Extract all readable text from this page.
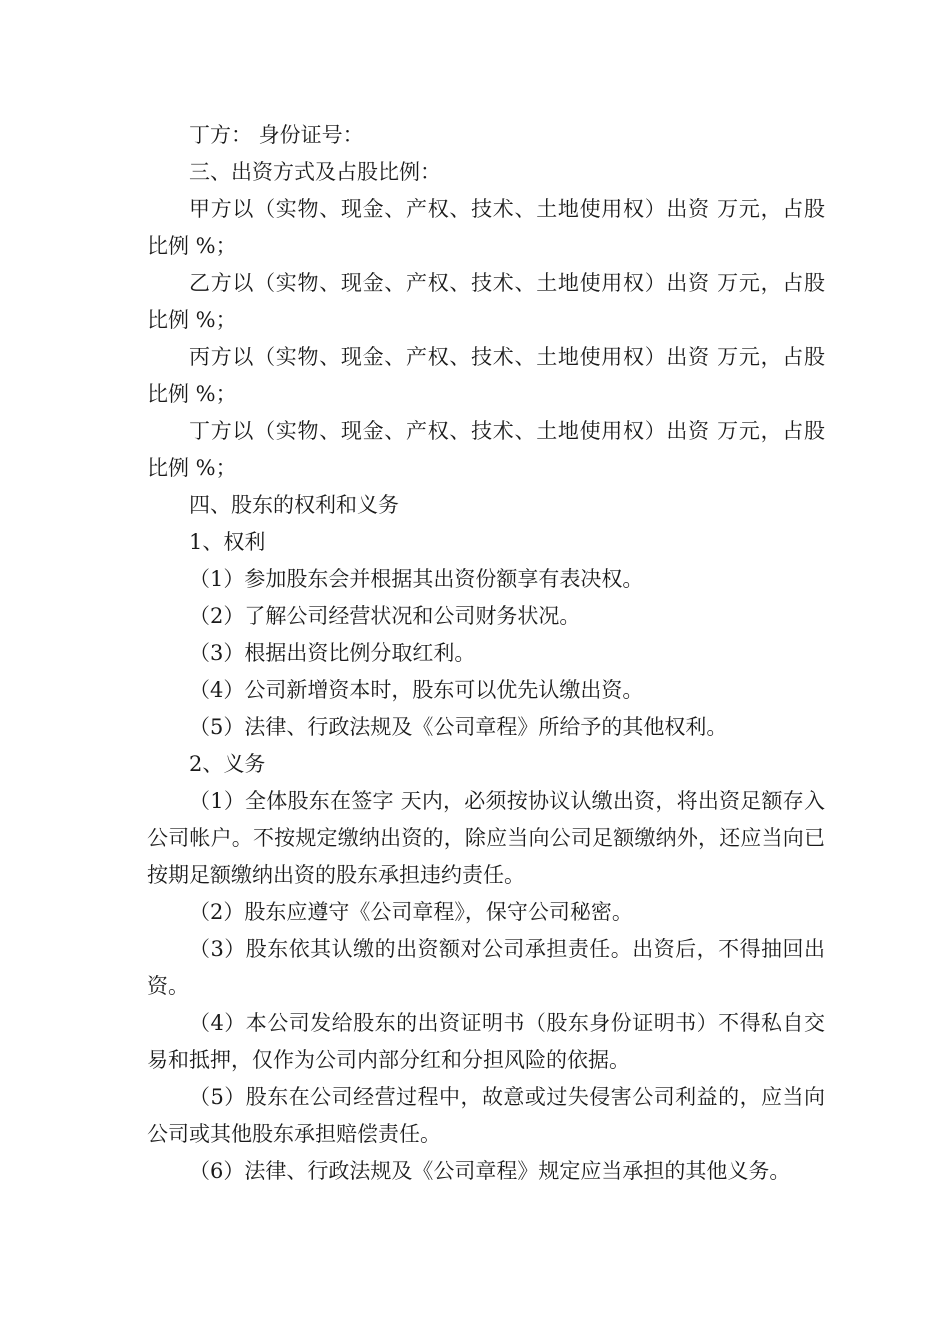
丁方： 身份证号：

三、出资方式及占股比例：

甲方以（实物、现金、产权、技术、土地使用权）出资 万元，占股比例 %；

乙方以（实物、现金、产权、技术、土地使用权）出资 万元，占股比例 %；

丙方以（实物、现金、产权、技术、土地使用权）出资 万元，占股比例 %；

丁方以（实物、现金、产权、技术、土地使用权）出资 万元，占股比例 %；

四、股东的权利和义务

1、权利

（1）参加股东会并根据其出资份额享有表决权。

（2）了解公司经营状况和公司财务状况。

（3）根据出资比例分取红利。

（4）公司新增资本时，股东可以优先认缴出资。

（5）法律、行政法规及《公司章程》所给予的其他权利。

2、义务

（1）全体股东在签字 天内，必须按协议认缴出资，将出资足额存入公司帐户。不按规定缴纳出资的，除应当向公司足额缴纳外，还应当向已按期足额缴纳出资的股东承担违约责任。

（2）股东应遵守《公司章程》，保守公司秘密。

（3）股东依其认缴的出资额对公司承担责任。出资后，不得抽回出资。

（4）本公司发给股东的出资证明书（股东身份证明书）不得私自交易和抵押，仅作为公司内部分红和分担风险的依据。

（5）股东在公司经营过程中，故意或过失侵害公司利益的，应当向公司或其他股东承担赔偿责任。

（6）法律、行政法规及《公司章程》规定应当承担的其他义务。
